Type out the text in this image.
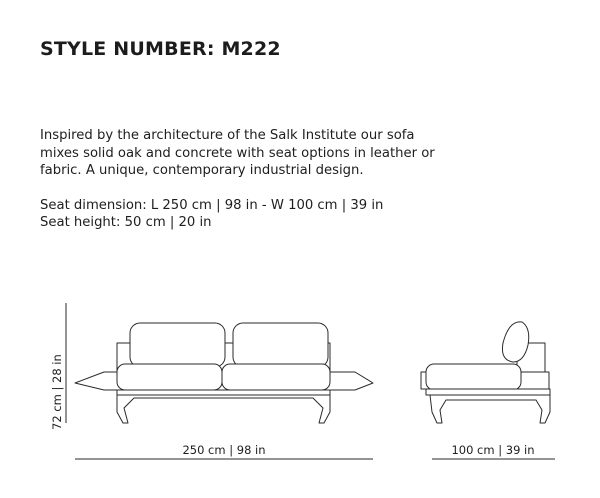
STYLE NUMBER: M222

Inspired by the architecture of the Salk Institute our sofa
mixes solid oak and concrete with seat options in leather or
fabric. A unique, contemporary industrial design.

Seat dimension: L 250 cm | 98 in - W 100 cm | 39 in
Seat height: 50 cm | 20 in

72 cm | 28 in
250 cm | 98 in	100 cm | 39 in
